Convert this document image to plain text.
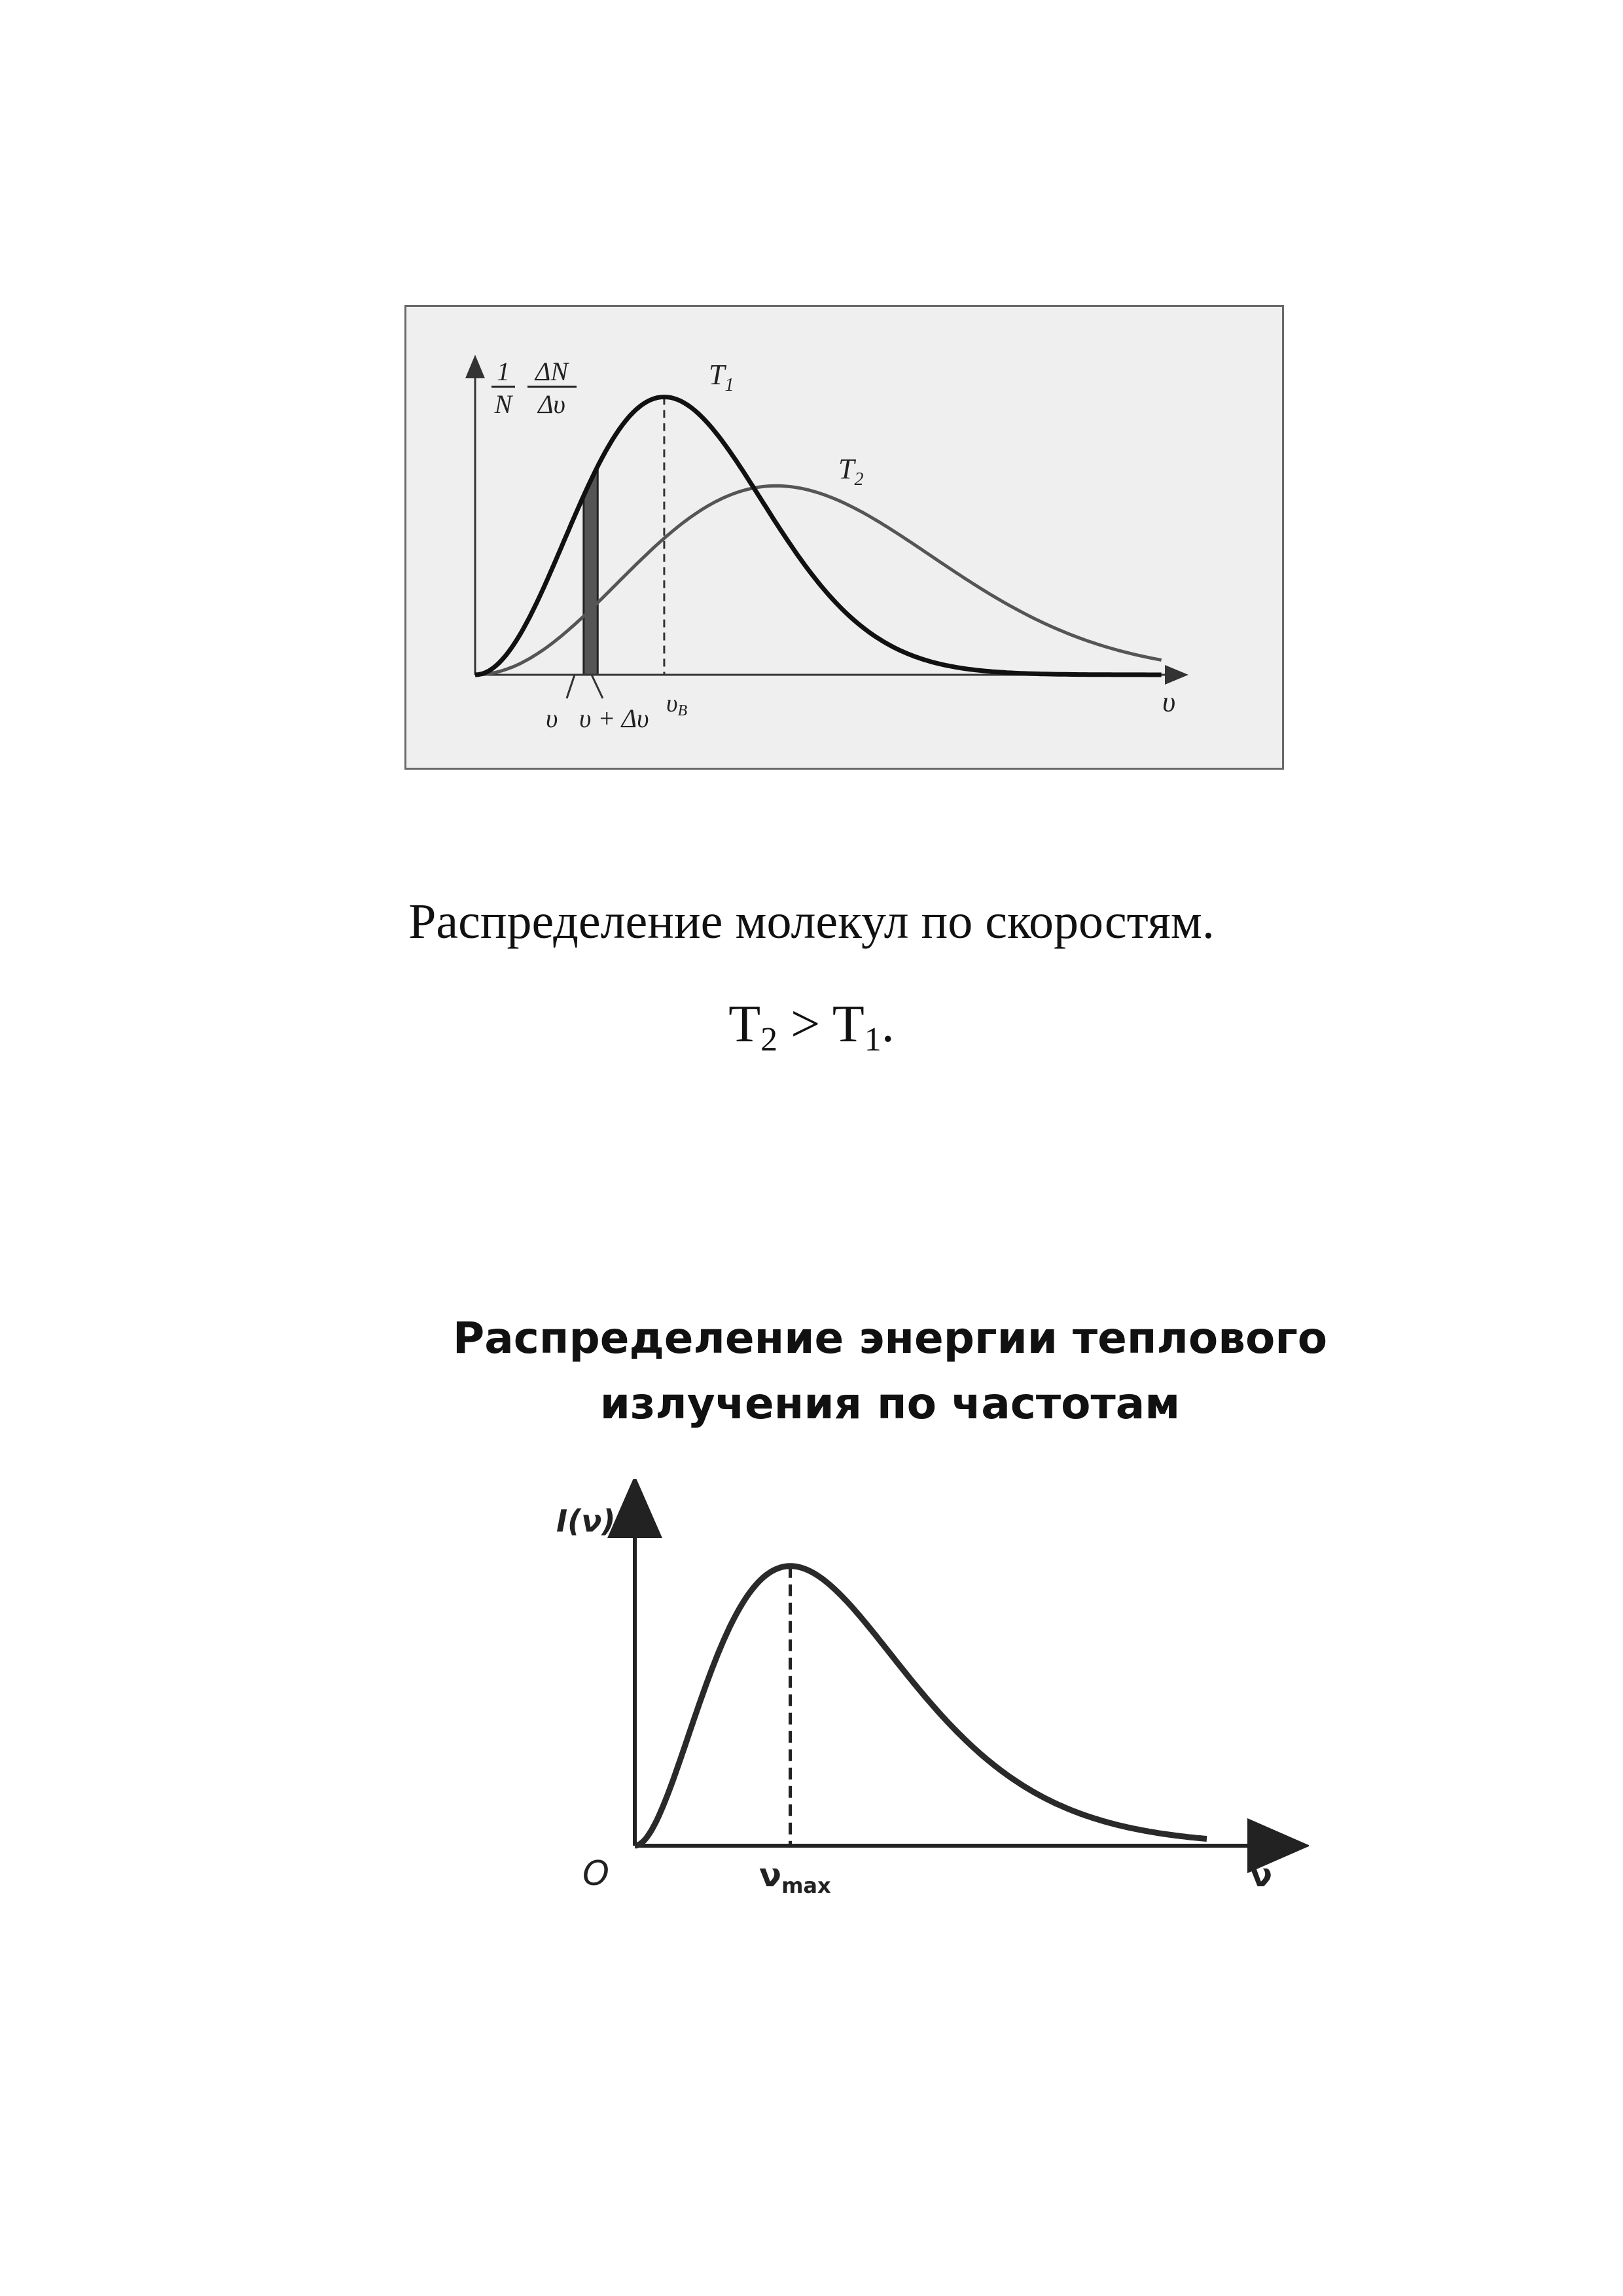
1
N
ΔN
Δυ
$T_1$
$T_2$
υ υ + Δυ υB	υ
Распределение молекул по скоростям.
$T_2 > T_1$.
Распределение энергии теплового
излучения по частотам
I(ν)
O	$\nu_{max}$	ν
